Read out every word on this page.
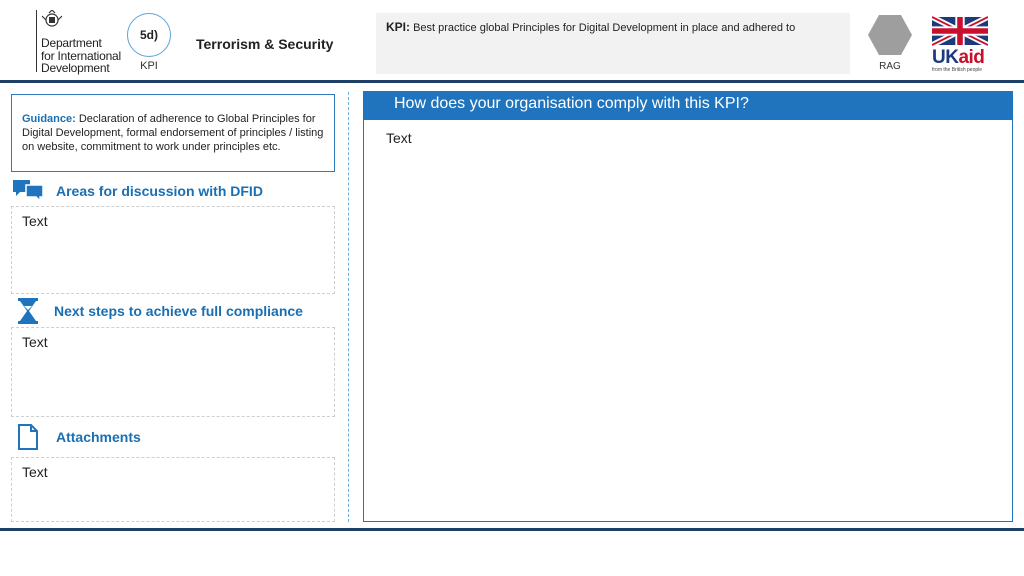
Department
for International
Development
5d)
KPI
Terrorism & Security
KPI: Best practice global Principles for Digital Development in place and adhered to
RAG	UKaid
from the British people
Guidance: Declaration of adherence to Global Principles for Digital Development, formal endorsement of principles / listing on website, commitment to work under principles etc.
Areas for discussion with DFID
Text
Next steps to achieve full compliance
Text
Attachments
Text
How does your organisation comply with this KPI?
Text
